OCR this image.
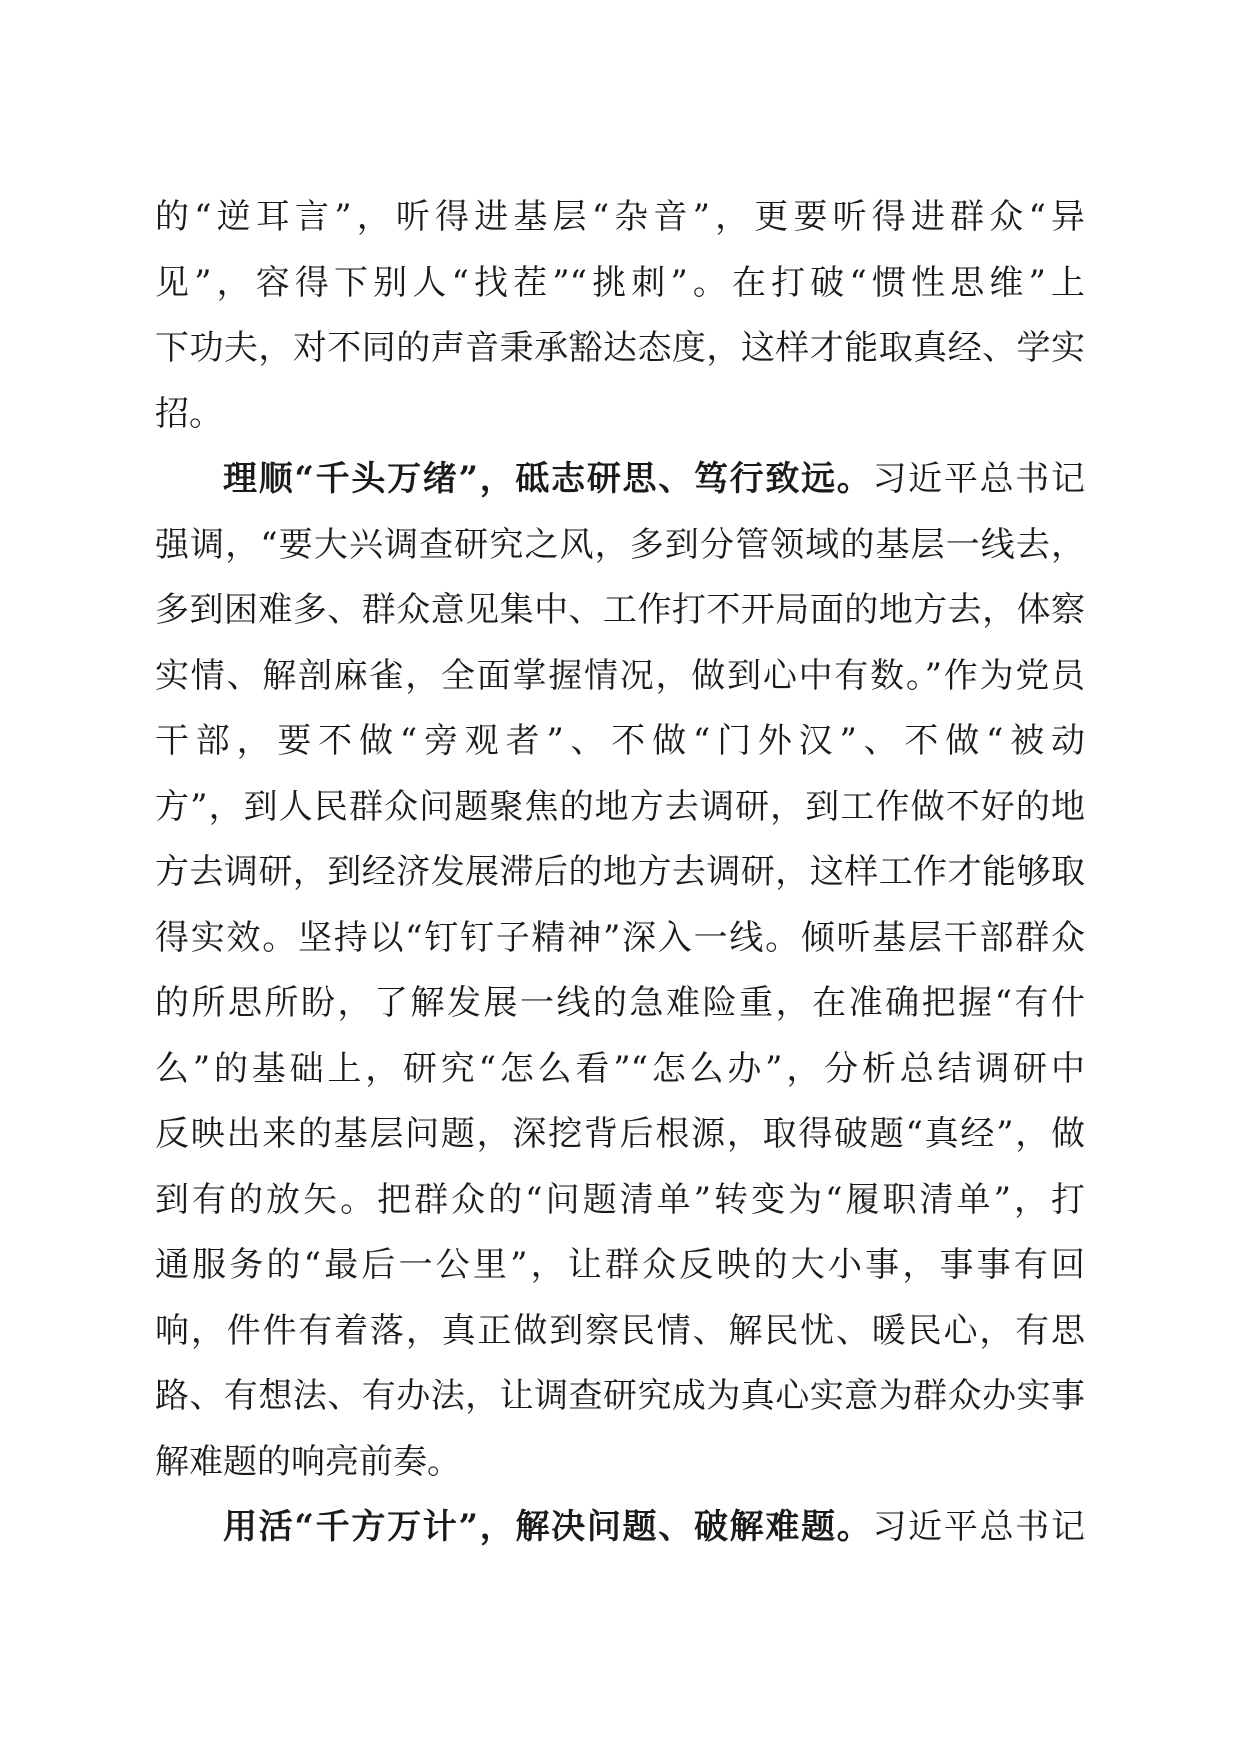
的“逆耳言”，听得进基层“杂音”，更要听得进群众“异
见”，容得下别人“找茬”“挑刺”。在打破“惯性思维”上
下功夫，对不同的声音秉承豁达态度，这样才能取真经、学实
招。
理顺“千头万绪”，砥志研思、笃行致远。习近平总书记
强调，“要大兴调查研究之风，多到分管领域的基层一线去，
多到困难多、群众意见集中、工作打不开局面的地方去，体察
实情、解剖麻雀，全面掌握情况，做到心中有数。”作为党员
干部，要不做“旁观者”、不做“门外汉”、不做“被动
方”，到人民群众问题聚焦的地方去调研，到工作做不好的地
方去调研，到经济发展滞后的地方去调研，这样工作才能够取
得实效。坚持以“钉钉子精神”深入一线。倾听基层干部群众
的所思所盼，了解发展一线的急难险重，在准确把握“有什
么”的基础上，研究“怎么看”“怎么办”，分析总结调研中
反映出来的基层问题，深挖背后根源，取得破题“真经”，做
到有的放矢。把群众的“问题清单”转变为“履职清单”，打
通服务的“最后一公里”，让群众反映的大小事，事事有回
响，件件有着落，真正做到察民情、解民忧、暖民心，有思
路、有想法、有办法，让调查研究成为真心实意为群众办实事
解难题的响亮前奏。
用活“千方万计”，解决问题、破解难题。习近平总书记
